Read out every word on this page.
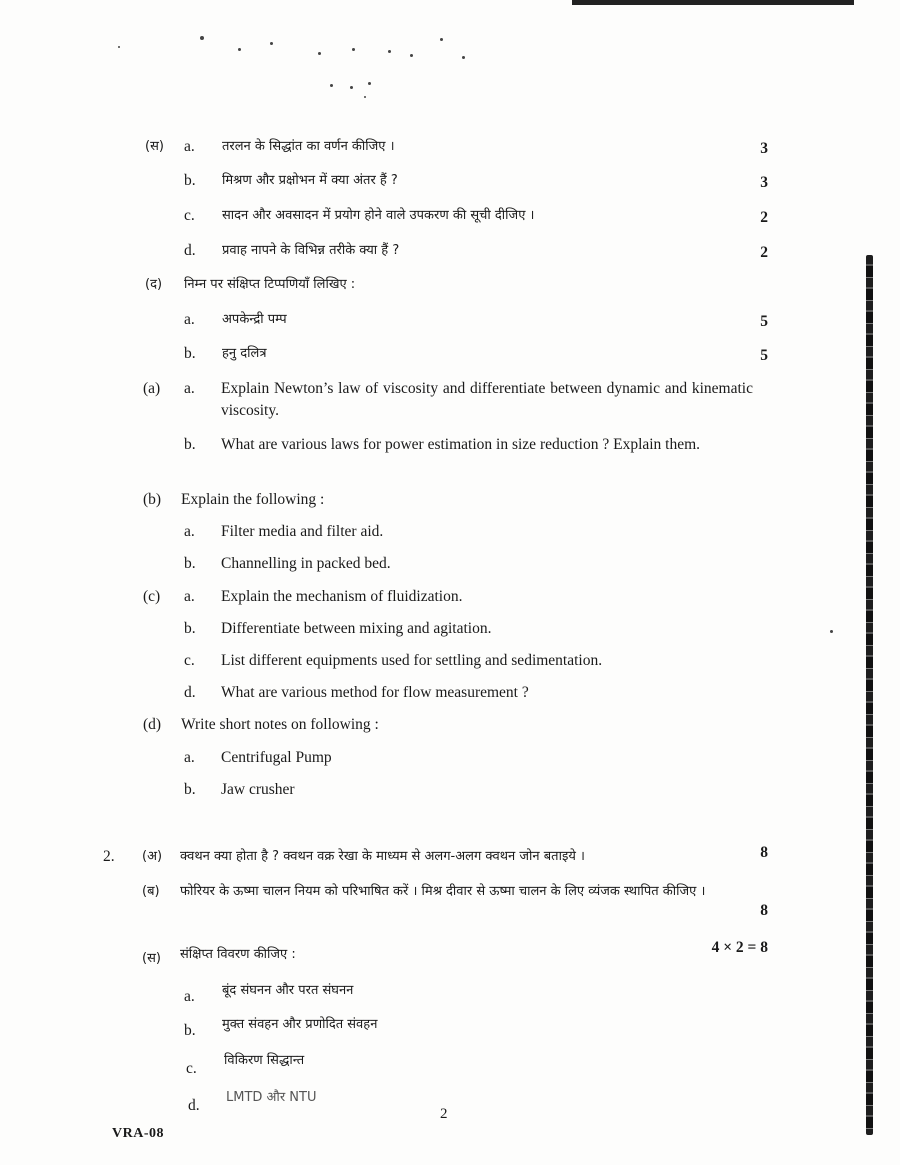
(स) a. तरलन के सिद्धांत का वर्णन कीजिए ।	3
b. मिश्रण और प्रक्षोभन में क्या अंतर हैं ?	3
c. सादन और अवसादन में प्रयोग होने वाले उपकरण की सूची दीजिए ।	2
d. प्रवाह नापने के विभिन्न तरीके क्या हैं ?	2
(द) निम्न पर संक्षिप्त टिप्पणियाँ लिखिए :
a. अपकेन्द्री पम्प	5
b. हनु दलित्र	5
(a) a. Explain Newton’s law of viscosity and differentiate between dynamic and kinematic viscosity.
b. What are various laws for power estimation in size reduction ? Explain them.
(b) Explain the following :
a. Filter media and filter aid.
b. Channelling in packed bed.
(c) a. Explain the mechanism of fluidization.
b. Differentiate between mixing and agitation.
c. List different equipments used for settling and sedimentation.
d. What are various method for flow measurement ?
(d) Write short notes on following :
a. Centrifugal Pump
b. Jaw crusher
2. (अ) क्वथन क्या होता है ? क्वथन वक्र रेखा के माध्यम से अलग-अलग क्वथन जोन बताइये ।	8
(ब) फोरियर के ऊष्मा चालन नियम को परिभाषित करें । मिश्र दीवार से ऊष्मा चालन के लिए व्यंजक स्थापित कीजिए ।
8
(स) संक्षिप्त विवरण कीजिए :	4 × 2 = 8
a. बूंद संघनन और परत संघनन
b. मुक्त संवहन और प्रणोदित संवहन
c. विकिरण सिद्धान्त
d. LMTD और NTU
2
VRA-08
